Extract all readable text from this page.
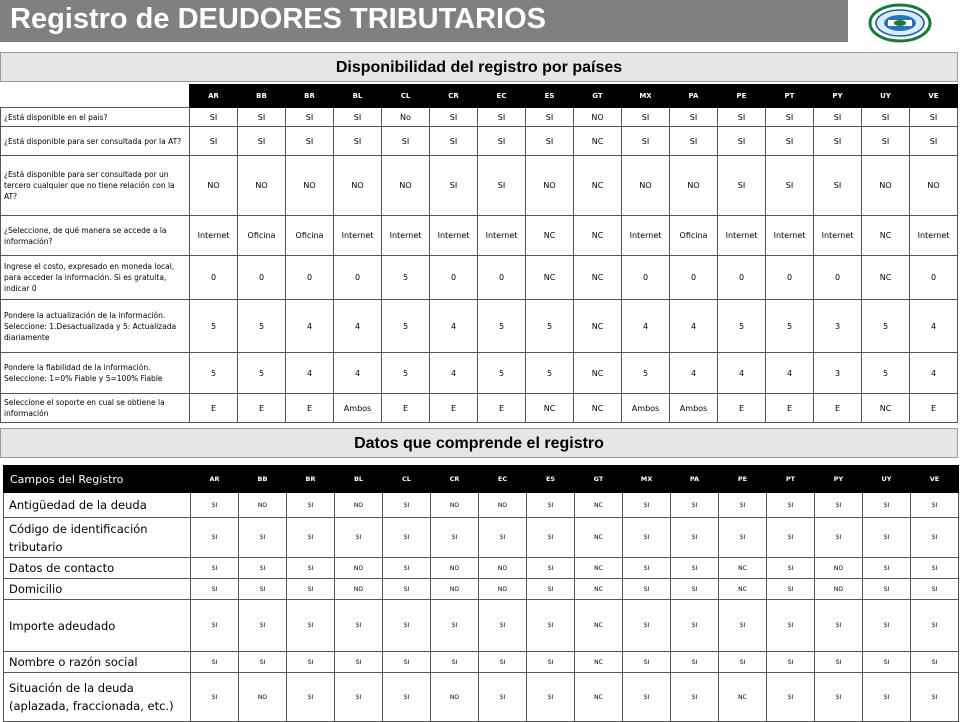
Registro de DEUDORES TRIBUTARIOS
Disponibilidad del registro por países
	AR	BB	BR	BL	CL	CR	EC	ES	GT	MX	PA	PE	PT	PY	UY	VE
¿Está disponible en el país?	SI	SI	SI	SI	No	SI	SI	SI	NO	SI	SI	SI	SI	SI	SI	SI
¿Está disponible para ser consultada por la AT?	SI	SI	SI	SI	SI	SI	SI	SI	NC	SI	SI	SI	SI	SI	SI	SI
¿Está disponible para ser consultada por un tercero cualquier que no tiene relación con la AT?	NO	NO	NO	NO	NO	SI	SI	NO	NC	NO	NO	SI	SI	SI	NO	NO
¿Seleccione, de qué manera se accede a la información?	Internet	Oficina	Oficina	Internet	Internet	Internet	Internet	NC	NC	Internet	Oficina	Internet	Internet	Internet	NC	Internet
Ingrese el costo, expresado en moneda local, para acceder la información. Si es gratuita, indicar 0	0	0	0	0	5	0	0	NC	NC	0	0	0	0	0	NC	0
Pondere la actualización de la información. Seleccione: 1.Desactualizada y 5: Actualizada diariamente	5	5	4	4	5	4	5	5	NC	4	4	5	5	3	5	4
Pondere la fiabilidad de la información. Seleccione: 1=0% Fiable y 5=100% Fiable	5	5	4	4	5	4	5	5	NC	5	4	4	4	3	5	4
Seleccione el soporte en cual se obtiene la información	E	E	E	Ambos	E	E	E	NC	NC	Ambos	Ambos	E	E	E	NC	E
Datos que comprende el registro
Campos del Registro	AR	BB	BR	BL	CL	CR	EC	ES	GT	MX	PA	PE	PT	PY	UY	VE
Antigüedad de la deuda	SI	NO	SI	NO	SI	NO	NO	SI	NC	SI	SI	SI	SI	SI	SI	SI
Código de identificación tributario	SI	SI	SI	SI	SI	SI	SI	SI	NC	SI	SI	SI	SI	SI	SI	SI
Datos de contacto	SI	SI	SI	NO	SI	NO	NO	SI	NC	SI	SI	NC	SI	NO	SI	SI
Domicilio	SI	SI	SI	NO	SI	NO	NO	SI	NC	SI	SI	NC	SI	NO	SI	SI
Importe adeudado	SI	SI	SI	SI	SI	SI	SI	SI	NC	SI	SI	SI	SI	SI	SI	SI
Nombre o razón social	SI	SI	SI	SI	SI	SI	SI	SI	NC	SI	SI	SI	SI	SI	SI	SI
Situación de la deuda (aplazada, fraccionada, etc.)	SI	NO	SI	SI	SI	NO	SI	SI	NC	SI	SI	NC	SI	SI	SI	SI
